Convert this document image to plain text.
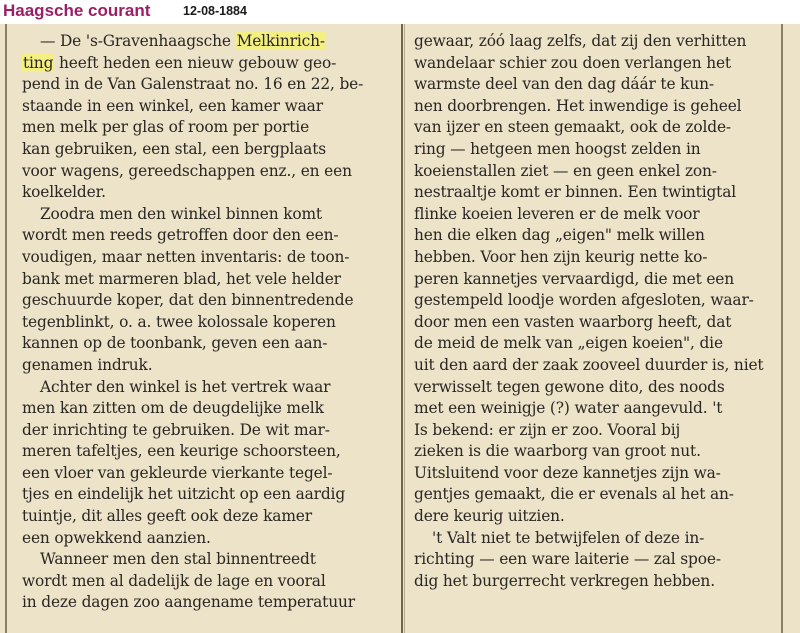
Haagsche courant	12-08-1884
— De 's-Gravenhaagsche Melkinrich-
ting heeft heden een nieuw gebouw geo-
pend in de Van Galenstraat no. 16 en 22, be-
staande in een winkel, een kamer waar
men melk per glas of room per portie
kan gebruiken, een stal, een bergplaats
voor wagens, gereedschappen enz., en een
koelkelder.
Zoodra men den winkel binnen komt
wordt men reeds getroffen door den een-
voudigen, maar netten inventaris: de toon-
bank met marmeren blad, het vele helder
geschuurde koper, dat den binnentredende
tegenblinkt, o. a. twee kolossale koperen
kannen op de toonbank, geven een aan-
genamen indruk.
Achter den winkel is het vertrek waar
men kan zitten om de deugdelijke melk
der inrichting te gebruiken. De wit mar-
meren tafeltjes, een keurige schoorsteen,
een vloer van gekleurde vierkante tegel-
tjes en eindelijk het uitzicht op een aardig
tuintje, dit alles geeft ook deze kamer
een opwekkend aanzien.
Wanneer men den stal binnentreedt
wordt men al dadelijk de lage en vooral
in deze dagen zoo aangename temperatuur
gewaar, zóó laag zelfs, dat zij den verhitten
wandelaar schier zou doen verlangen het
warmste deel van den dag dáár te kun-
nen doorbrengen. Het inwendige is geheel
van ijzer en steen gemaakt, ook de zolde-
ring — hetgeen men hoogst zelden in
koeienstallen ziet — en geen enkel zon-
nestraaltje komt er binnen. Een twintigtal
flinke koeien leveren er de melk voor
hen die elken dag „eigen" melk willen
hebben. Voor hen zijn keurig nette ko-
peren kannetjes vervaardigd, die met een
gestempeld loodje worden afgesloten, waar-
door men een vasten waarborg heeft, dat
de meid de melk van „eigen koeien", die
uit den aard der zaak zooveel duurder is, niet
verwisselt tegen gewone dito, des noods
met een weinigje (?) water aangevuld. 't
Is bekend: er zijn er zoo. Vooral bij
zieken is die waarborg van groot nut.
Uitsluitend voor deze kannetjes zijn wa-
gentjes gemaakt, die er evenals al het an-
dere keurig uitzien.
't Valt niet te betwijfelen of deze in-
richting — een ware laiterie — zal spoe-
dig het burgerrecht verkregen hebben.
